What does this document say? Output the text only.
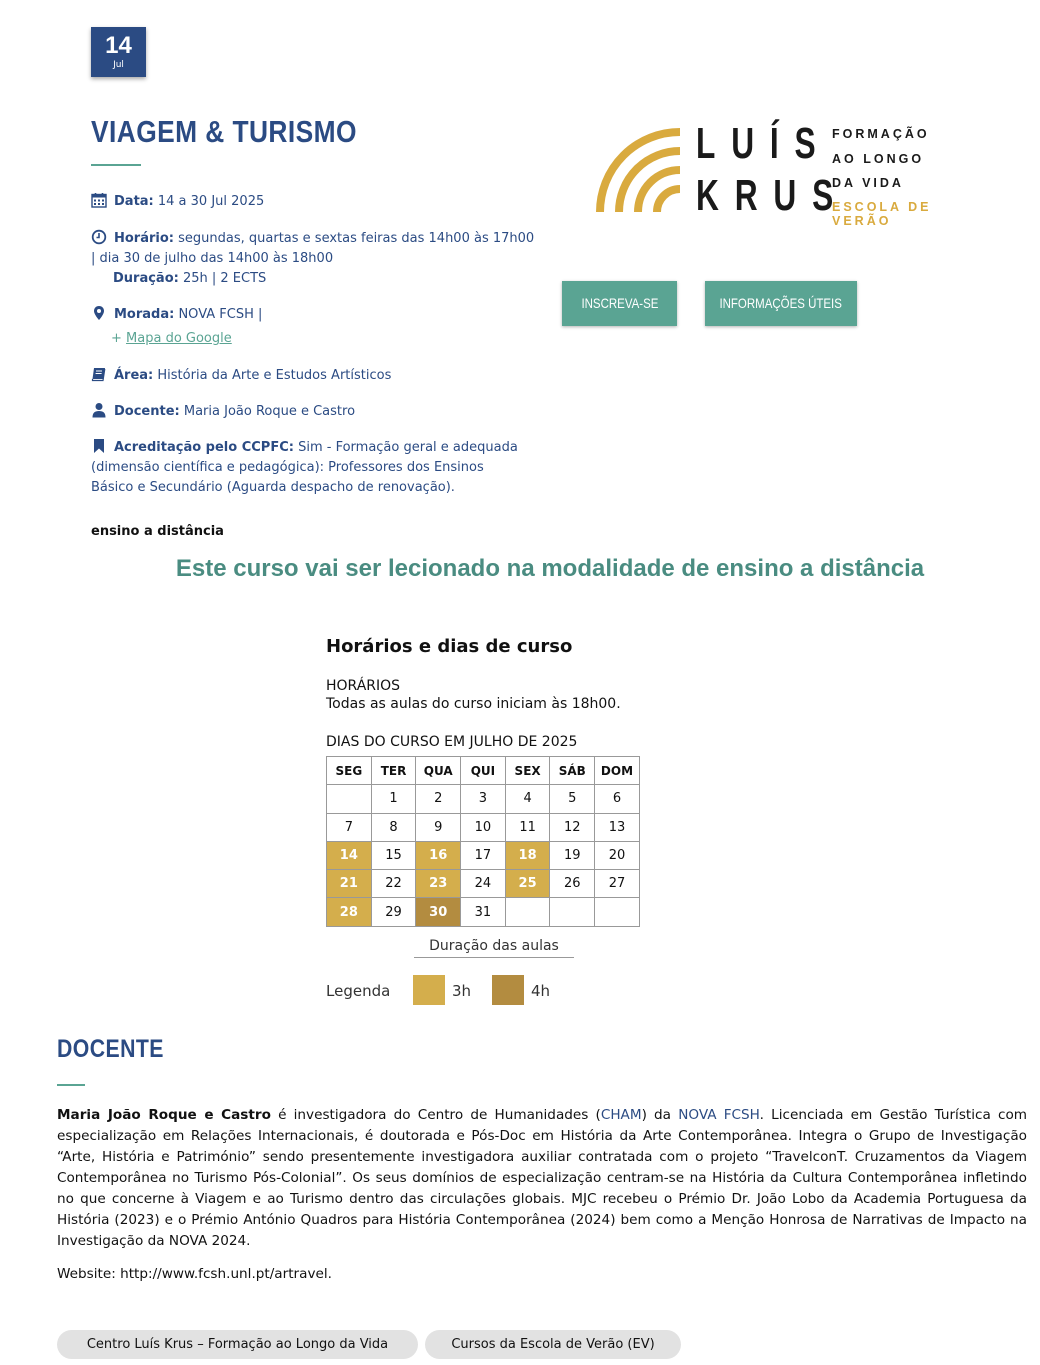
14
Jul
VIAGEM & TURISMO
Data: 14 a 30 Jul 2025
Horário: segundas, quartas e sextas feiras das 14h00 às 17h00 | dia 30 de julho das 14h00 às 18h00
Duração: 25h | 2 ECTS
Morada: NOVA FCSH |
+ Mapa do Google
Área: História da Arte e Estudos Artísticos
Docente: Maria João Roque e Castro
Acreditação pelo CCPFC: Sim - Formação geral e adequada (dimensão científica e pedagógica): Professores dos Ensinos Básico e Secundário (Aguarda despacho de renovação).
LUÍS
KRUS
FORMAÇÃO
AO LONGO
DA VIDA
ESCOLA DE VERÃO
INSCREVA-SE	INFORMAÇÕES ÚTEIS
ensino a distância
Este curso vai ser lecionado na modalidade de ensino a distância
Horários e dias de curso
HORÁRIOS
Todas as aulas do curso iniciam às 18h00.
DIAS DO CURSO EM JULHO DE 2025
SEG	TER	QUA	QUI	SEX	SÁB	DOM
	1	2	3	4	5	6
7	8	9	10	11	12	13
14	15	16	17	18	19	20
21	22	23	24	25	26	27
28	29	30	31			
Duração das aulas
Legenda	3h	4h
DOCENTE

Maria João Roque e Castro é investigadora do Centro de Humanidades (CHAM) da NOVA FCSH. Licenciada em Gestão Turística com especialização em Relações Internacionais, é doutorada e Pós-Doc em História da Arte Contemporânea. Integra o Grupo de Investigação “Arte, História e Património” sendo presentemente investigadora auxiliar contratada com o projeto “TravelconT. Cruzamentos da Viagem Contemporânea no Turismo Pós-Colonial”. Os seus domínios de especialização centram-se na História da Cultura Contemporânea infletindo no que concerne à Viagem e ao Turismo dentro das circulações globais. MJC recebeu o Prémio Dr. João Lobo da Academia Portuguesa da História (2023) e o Prémio António Quadros para História Contemporânea (2024) bem como a Menção Honrosa de Narrativas de Impacto na Investigação da NOVA 2024.

Website: http://www.fcsh.unl.pt/artravel.
Centro Luís Krus – Formação ao Longo da Vida	Cursos da Escola de Verão (EV)
